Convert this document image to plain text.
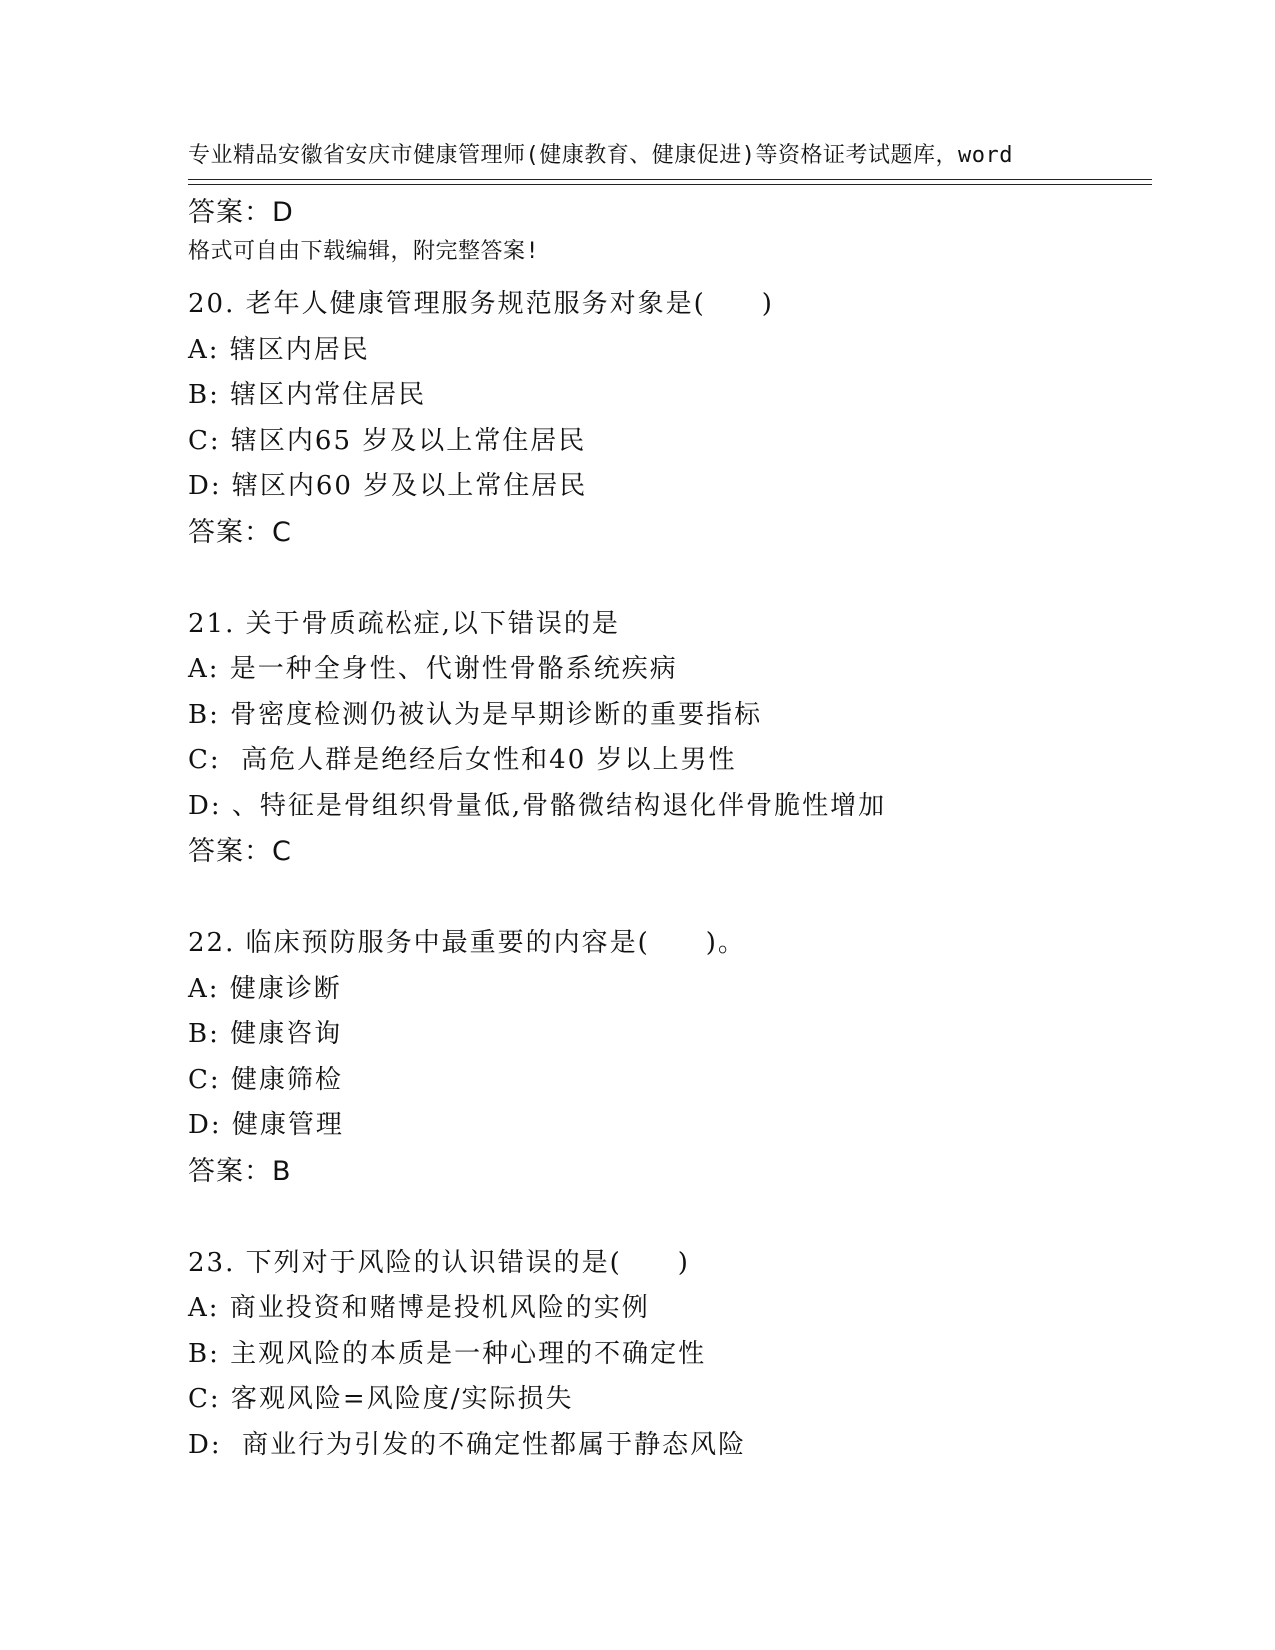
专业精品安徽省安庆市健康管理师(健康教育、健康促进)等资格证考试题库，word

格式可自由下载编辑，附完整答案!

答案：D
20. 老年人健康管理服务规范服务对象是(　　)
A: 辖区内居民
B: 辖区内常住居民
C: 辖区内65 岁及以上常住居民
D: 辖区内60 岁及以上常住居民
答案：C
21. 关于骨质疏松症,以下错误的是
A: 是一种全身性、代谢性骨骼系统疾病
B: 骨密度检测仍被认为是早期诊断的重要指标
C:  高危人群是绝经后女性和40 岁以上男性
D: 、特征是骨组织骨量低,骨骼微结构退化伴骨脆性增加
答案：C
22. 临床预防服务中最重要的内容是(　　)。
A: 健康诊断
B: 健康咨询
C: 健康筛检
D: 健康管理
答案：B
23. 下列对于风险的认识错误的是(　　)
A: 商业投资和赌博是投机风险的实例
B: 主观风险的本质是一种心理的不确定性
C: 客观风险=风险度/实际损失
D:  商业行为引发的不确定性都属于静态风险
